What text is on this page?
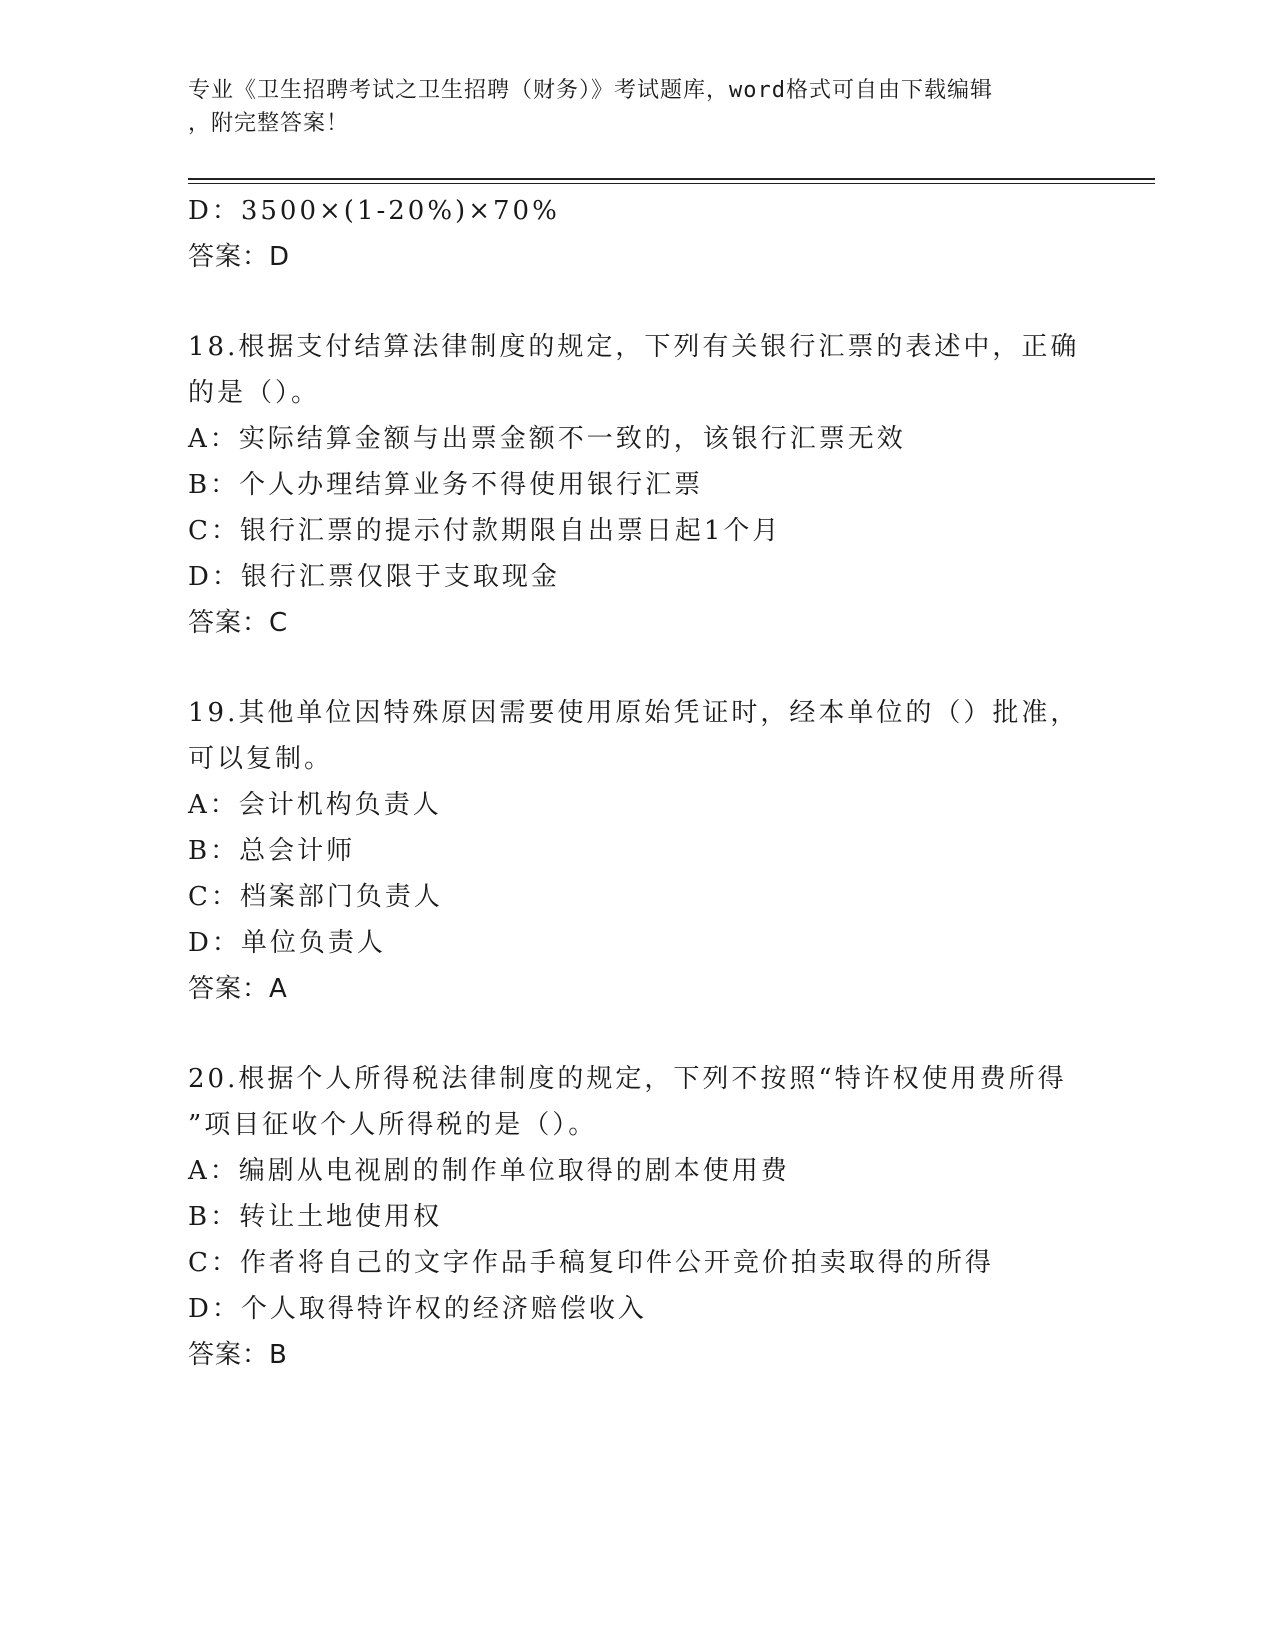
专业《卫生招聘考试之卫生招聘（财务）》考试题库，word格式可自由下载编辑
，附完整答案！
D：3500×(1-20%)×70%
答案：D
18.根据支付结算法律制度的规定，下列有关银行汇票的表述中，正确
的是（）。
A：实际结算金额与出票金额不一致的，该银行汇票无效
B：个人办理结算业务不得使用银行汇票
C：银行汇票的提示付款期限自出票日起1个月
D：银行汇票仅限于支取现金
答案：C
19.其他单位因特殊原因需要使用原始凭证时，经本单位的（）批准，
可以复制。
A：会计机构负责人
B：总会计师
C：档案部门负责人
D：单位负责人
答案：A
20.根据个人所得税法律制度的规定，下列不按照“特许权使用费所得
”项目征收个人所得税的是（）。
A：编剧从电视剧的制作单位取得的剧本使用费
B：转让土地使用权
C：作者将自己的文字作品手稿复印件公开竞价拍卖取得的所得
D：个人取得特许权的经济赔偿收入
答案：B
